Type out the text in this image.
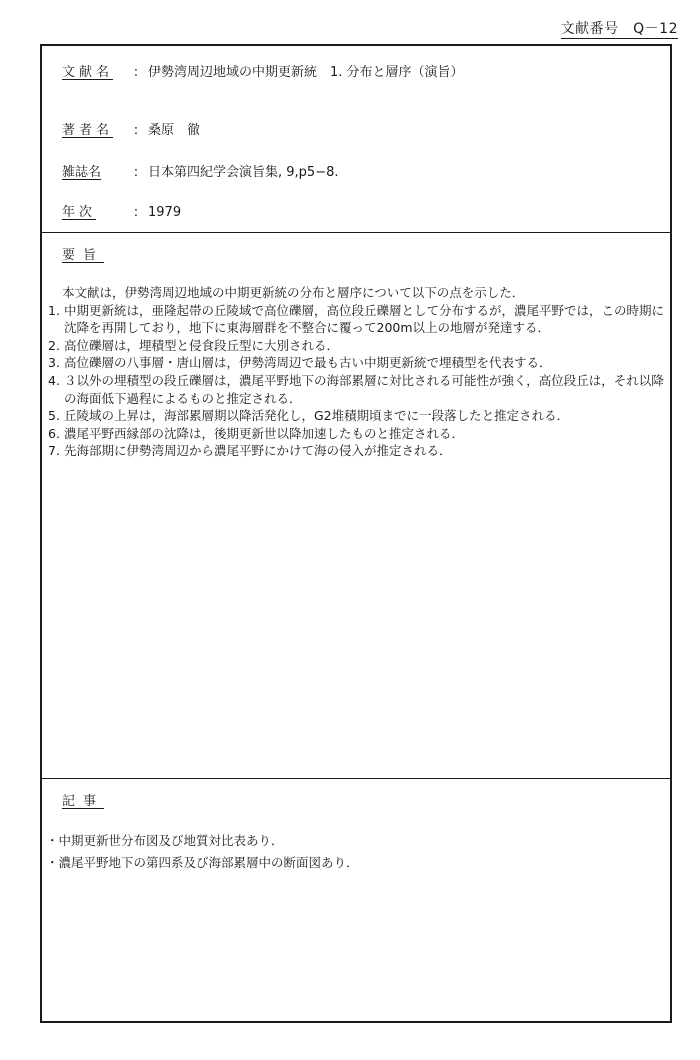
文献番号　Q－12
文献名 : 伊勢湾周辺地域の中期更新統　1. 分布と層序（演旨）
著者名 : 桑原　徹
雑誌名	: 日本第四紀学会演旨集, 9,p5−8.
年次	: 1979
要旨
本文献は，伊勢湾周辺地域の中期更新統の分布と層序について以下の点を示した．
1. 中期更新統は，亜隆起帯の丘陵域で高位礫層，高位段丘礫層として分布するが，濃尾平野では，この時期に沈降を再開しており，地下に東海層群を不整合に覆って200m以上の地層が発達する．
2. 高位礫層は，埋積型と侵食段丘型に大別される．
3. 高位礫層の八事層・唐山層は，伊勢湾周辺で最も古い中期更新統で埋積型を代表する．
4. ３以外の埋積型の段丘礫層は，濃尾平野地下の海部累層に対比される可能性が強く，高位段丘は，それ以降の海面低下過程によるものと推定される．
5. 丘陵域の上昇は，海部累層期以降活発化し，G2堆積期頃までに一段落したと推定される．
6. 濃尾平野西縁部の沈降は，後期更新世以降加速したものと推定される．
7. 先海部期に伊勢湾周辺から濃尾平野にかけて海の侵入が推定される．
記事
・ 中期更新世分布図及び地質対比表あり．
・ 濃尾平野地下の第四系及び海部累層中の断面図あり．
